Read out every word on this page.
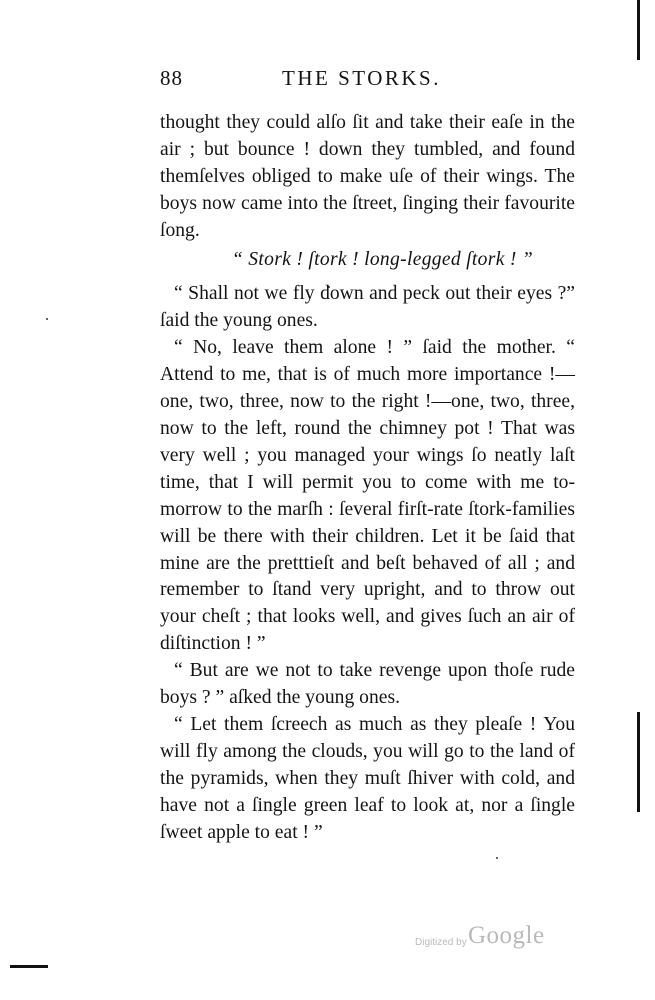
88	THE STORKS.

thought they could alſo ſit and take their eaſe in the air ; but bounce ! down they tumbled, and found themſelves obliged to make uſe of their wings. The boys now came into the ſtreet, ſinging their favourite ſong.

“ Stork ! ſtork ! long-legged ſtork ! ”

“ Shall not we fly down and peck out their eyes ?” ſaid the young ones.

“ No, leave them alone ! ” ſaid the mother. “ Attend to me, that is of much more importance !—one, two, three, now to the right !—one, two, three, now to the left, round the chimney pot ! That was very well ; you managed your wings ſo neatly laſt time, that I will permit you to come with me to-morrow to the marſh : ſeveral firſt-rate ſtork-families will be there with their children. Let it be ſaid that mine are the pretttieſt and beſt behaved of all ; and remember to ſtand very upright, and to throw out your cheſt ; that looks well, and gives ſuch an air of diſtinction ! ”

“ But are we not to take revenge upon thoſe rude boys ? ” aſked the young ones.

“ Let them ſcreech as much as they pleaſe ! You will fly among the clouds, you will go to the land of the pyramids, when they muſt ſhiver with cold, and have not a ſingle green leaf to look at, nor a ſingle ſweet apple to eat ! ”

Digitized by Google
